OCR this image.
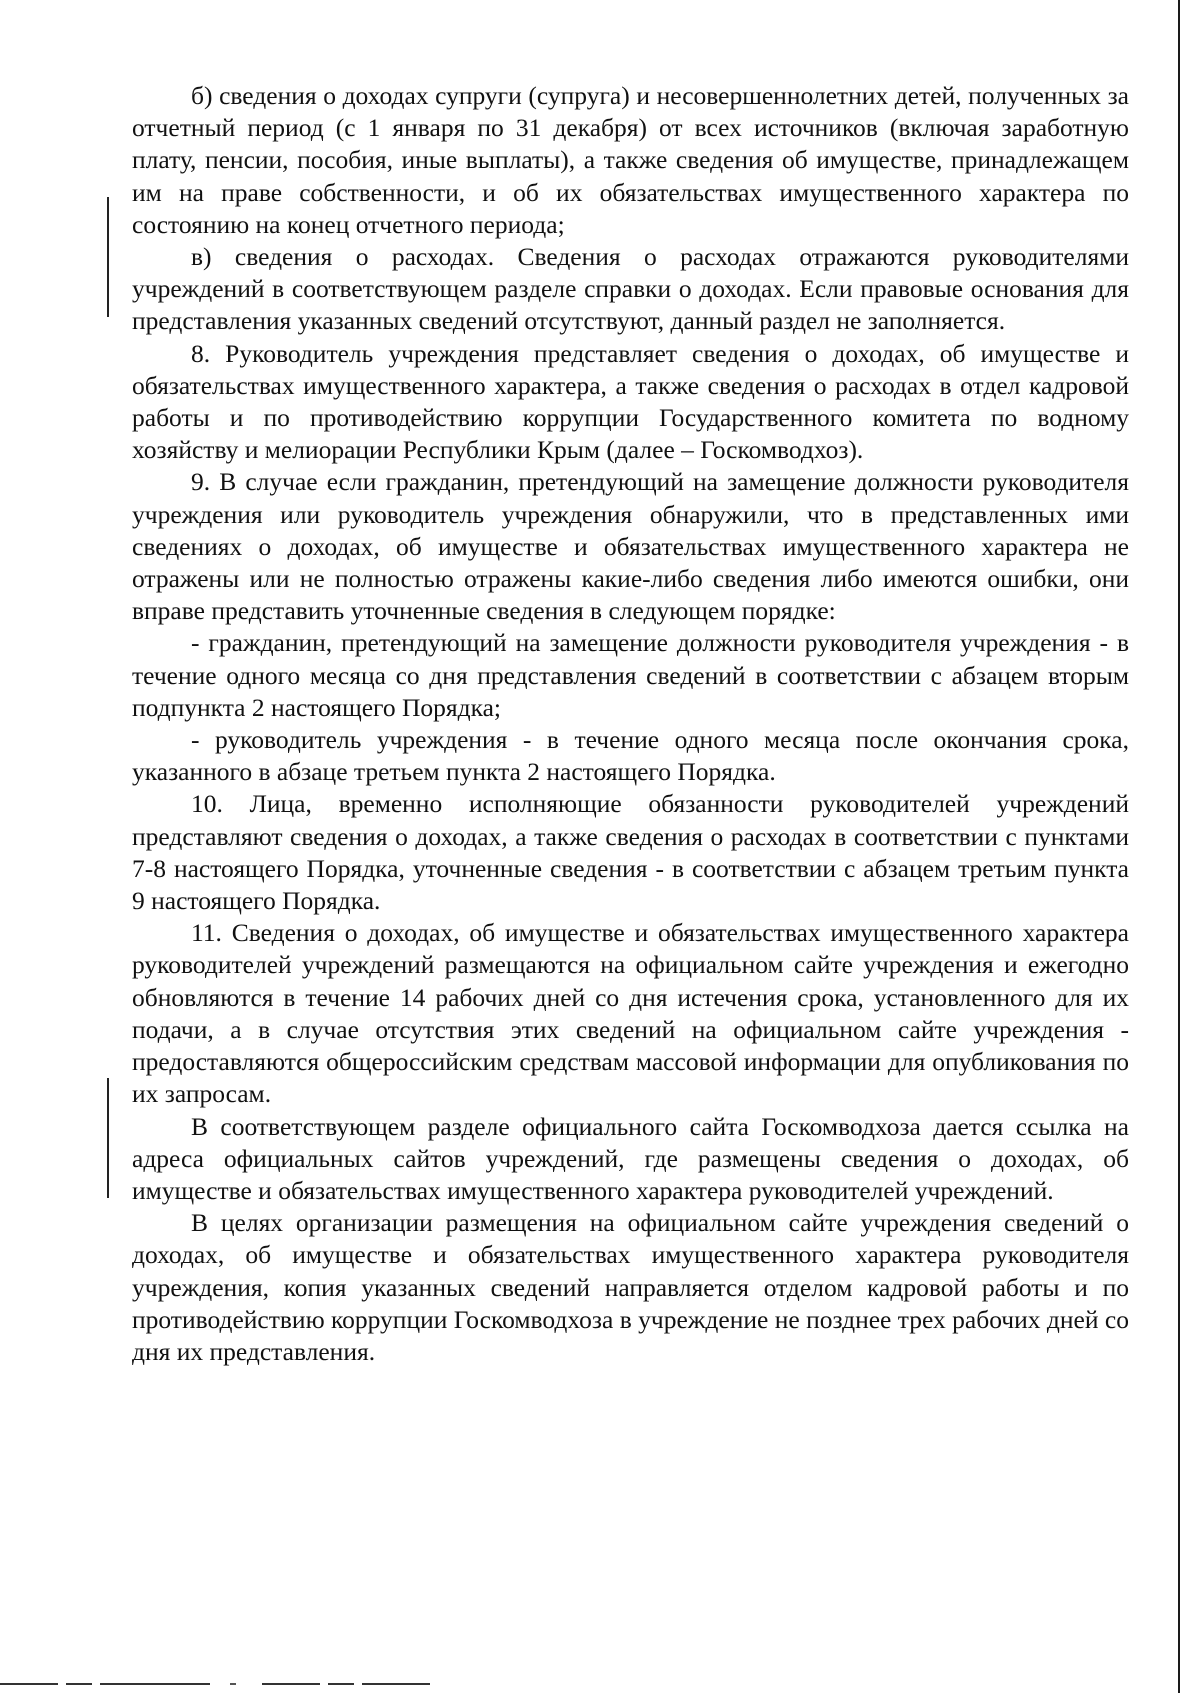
б) сведения о доходах супруги (супруга) и несовершеннолетних детей, полученных за отчетный период (с 1 января по 31 декабря) от всех источников (включая заработную плату, пенсии, пособия, иные выплаты), а также сведения об имуществе, принадлежащем им на праве собственности, и об их обязательствах имущественного характера по состоянию на конец отчетного периода;

в) сведения о расходах. Сведения о расходах отражаются руководителями учреждений в соответствующем разделе справки о доходах. Если правовые основания для представления указанных сведений отсутствуют, данный раздел не заполняется.

8. Руководитель учреждения представляет сведения о доходах, об имуществе и обязательствах имущественного характера, а также сведения о расходах в отдел кадровой работы и по противодействию коррупции Государственного комитета по водному хозяйству и мелиорации Республики Крым (далее – Госкомводхоз).

9. В случае если гражданин, претендующий на замещение должности руководителя учреждения или руководитель учреждения обнаружили, что в представленных ими сведениях о доходах, об имуществе и обязательствах имущественного характера не отражены или не полностью отражены какие-либо сведения либо имеются ошибки, они вправе представить уточненные сведения в следующем порядке:

- гражданин, претендующий на замещение должности руководителя учреждения - в течение одного месяца со дня представления сведений в соответствии с абзацем вторым подпункта 2 настоящего Порядка;

- руководитель учреждения - в течение одного месяца после окончания срока, указанного в абзаце третьем пункта 2 настоящего Порядка.

10. Лица, временно исполняющие обязанности руководителей учреждений представляют сведения о доходах, а также сведения о расходах в соответствии с пунктами 7-8 настоящего Порядка, уточненные сведения - в соответствии с абзацем третьим пункта 9 настоящего Порядка.

11. Сведения о доходах, об имуществе и обязательствах имущественного характера руководителей учреждений размещаются на официальном сайте учреждения и ежегодно обновляются в течение 14 рабочих дней со дня истечения срока, установленного для их подачи, а в случае отсутствия этих сведений на официальном сайте учреждения - предоставляются общероссийским средствам массовой информации для опубликования по их запросам.

В соответствующем разделе официального сайта Госкомводхоза дается ссылка на адреса официальных сайтов учреждений, где размещены сведения о доходах, об имуществе и обязательствах имущественного характера руководителей учреждений.

В целях организации размещения на официальном сайте учреждения сведений о доходах, об имуществе и обязательствах имущественного характера руководителя учреждения, копия указанных сведений направляется отделом кадровой работы и по противодействию коррупции Госкомводхоза в учреждение не позднее трех рабочих дней со дня их представления.
